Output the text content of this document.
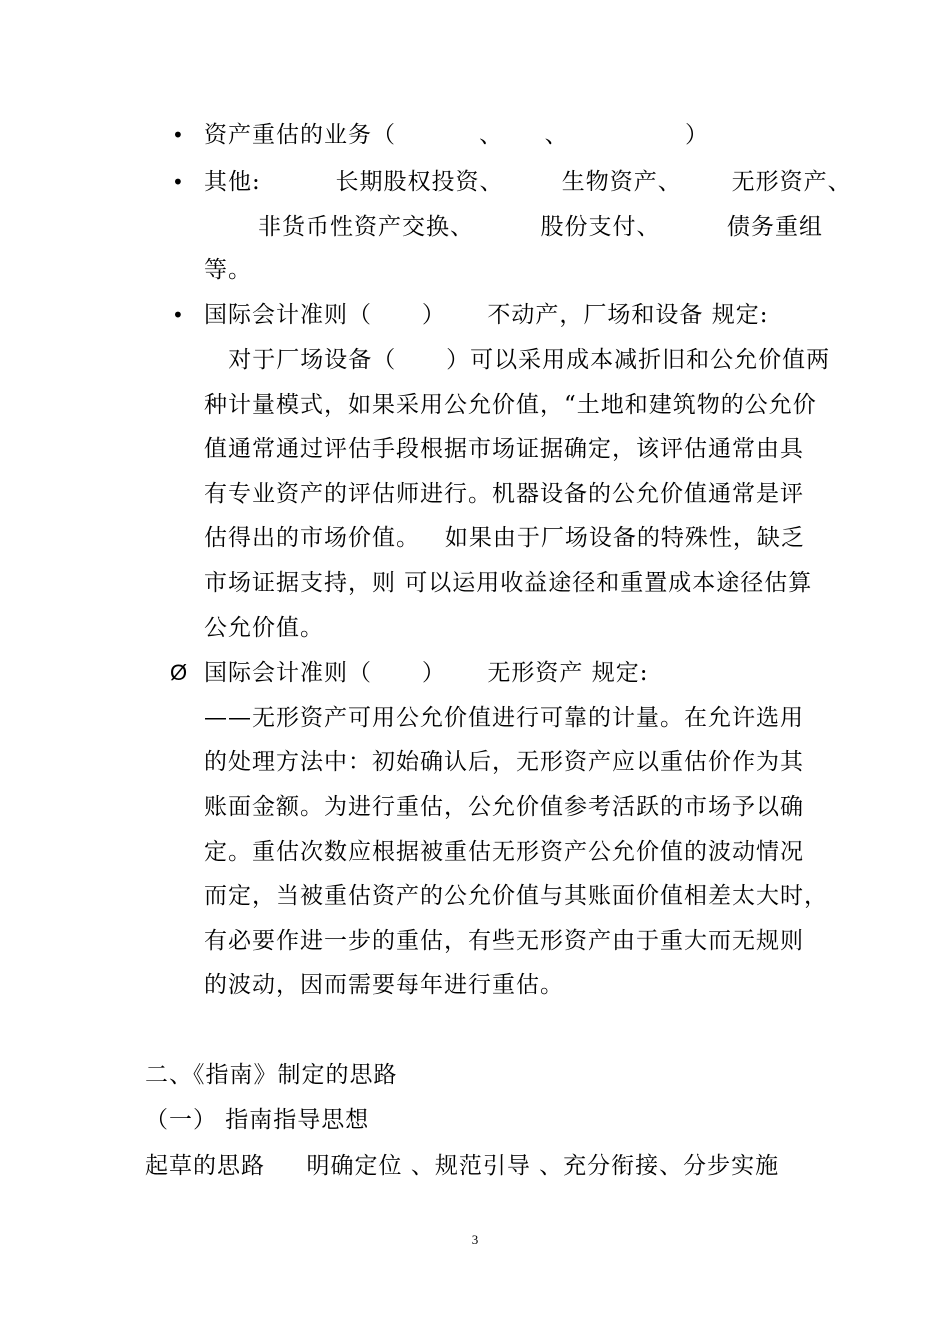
• 资产重估的业务（          、     、              ）
• 其他:         长期股权投资、       生物资产、      无形资产、
非货币性资产交换、        股份支付、        债务重组
等。
• 国际会计准则（      ）     不动产，厂场和设备 规定:
对于厂场设备（      ）可以采用成本减折旧和公允价值两
种计量模式，如果采用公允价值，“土地和建筑物的公允价
值通常通过评估手段根据市场证据确定，该评估通常由具
有专业资产的评估师进行。机器设备的公允价值通常是评
估得出的市场价值。   如果由于厂场设备的特殊性，缺乏
市场证据支持，则 可以运用收益途径和重置成本途径估算
公允价值。
Ø 国际会计准则（      ）     无形资产 规定:
——无形资产可用公允价值进行可靠的计量。在允许选用
的处理方法中：初始确认后，无形资产应以重估价作为其
账面金额。为进行重估，公允价值参考活跃的市场予以确
定。重估次数应根据被重估无形资产公允价值的波动情况
而定，当被重估资产的公允价值与其账面价值相差太大时，
有必要作进一步的重估，有些无形资产由于重大而无规则
的波动，因而需要每年进行重估。
二、《指南》制定的思路
（一） 指南指导思想
起草的思路     明确定位 、规范引导 、充分衔接、分步实施
3
